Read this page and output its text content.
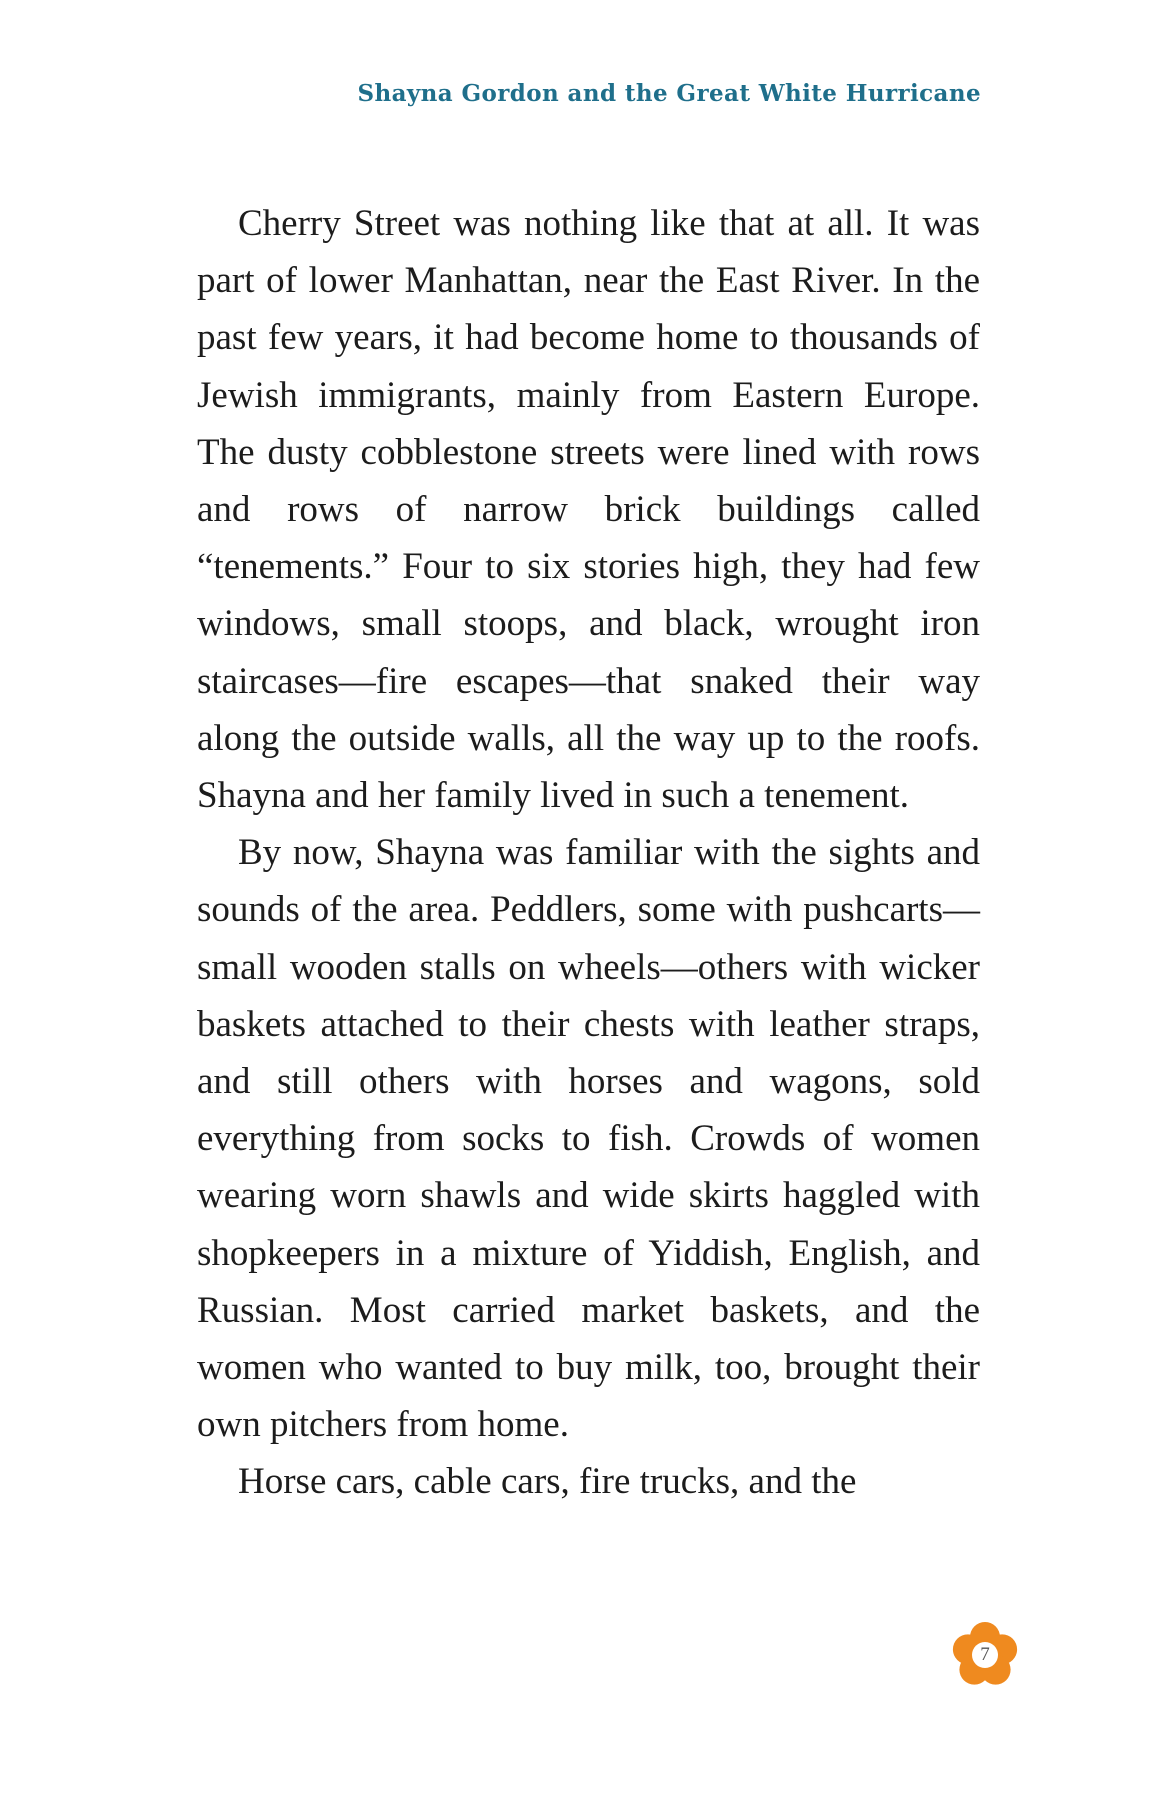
Shayna Gordon and the Great White Hurricane

Cherry Street was nothing like that at all. It was part of lower Manhattan, near the East River. In the past few years, it had become home to thousands of Jewish immigrants, mainly from Eastern Europe. The dusty cobblestone streets were lined with rows and rows of narrow brick buildings called “tenements.” Four to six stories high, they had few windows, small stoops, and black, wrought iron staircases—fire escapes—that snaked their way along the outside walls, all the way up to the roofs. Shayna and her family lived in such a tenement.

By now, Shayna was familiar with the sights and sounds of the area. Peddlers, some with pushcarts—small wooden stalls on wheels—others with wicker baskets attached to their chests with leather straps, and still others with horses and wagons, sold everything from socks to fish. Crowds of women wearing worn shawls and wide skirts haggled with shopkeepers in a mixture of Yiddish, English, and Russian. Most carried market baskets, and the women who wanted to buy milk, too, brought their own pitchers from home.

Horse cars, cable cars, fire trucks, and the

7
